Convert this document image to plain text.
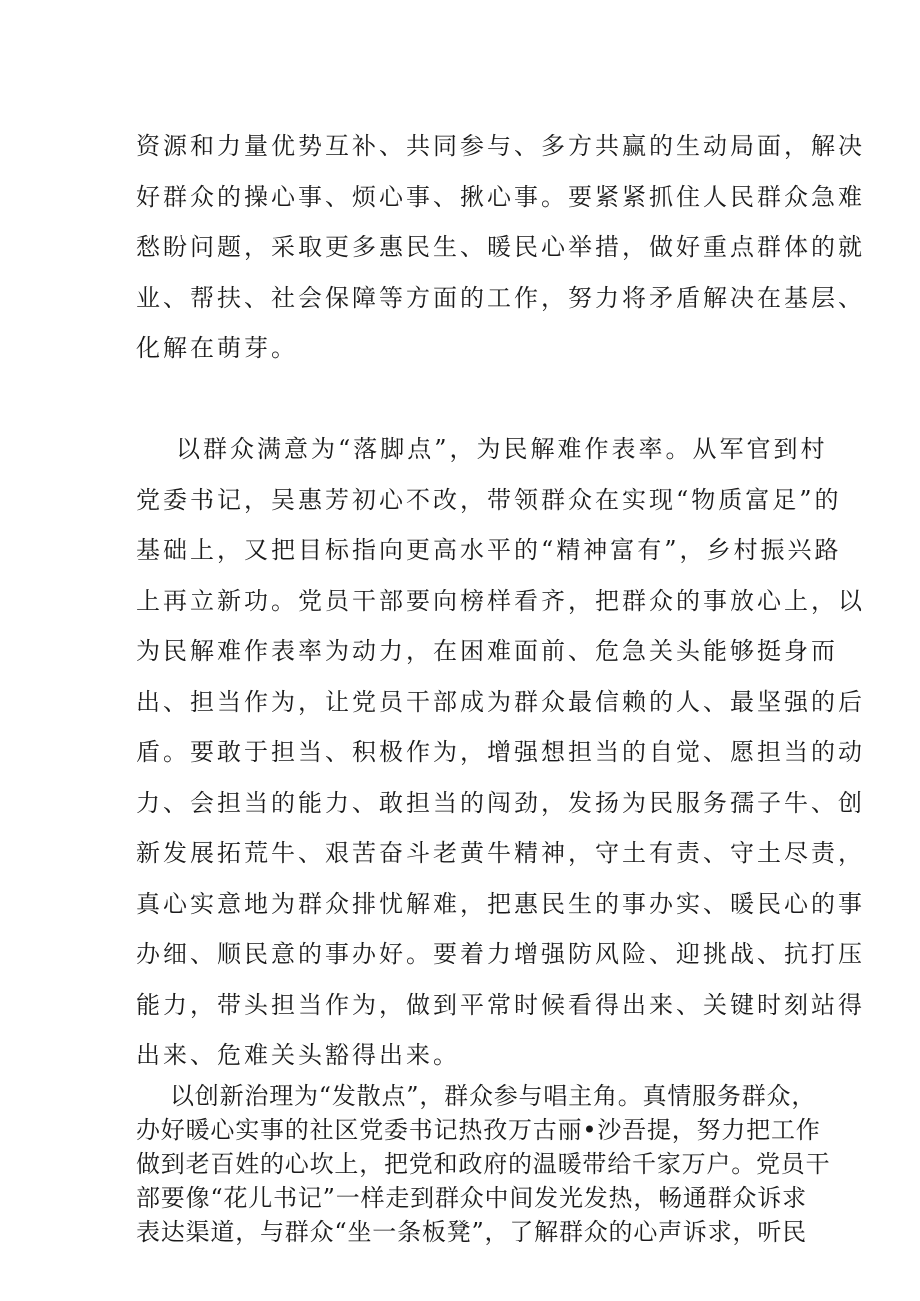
资源和力量优势互补、共同参与、多方共赢的生动局面，解决
好群众的操心事、烦心事、揪心事。要紧紧抓住人民群众急难
愁盼问题，采取更多惠民生、暖民心举措，做好重点群体的就
业、帮扶、社会保障等方面的工作，努力将矛盾解决在基层、
化解在萌芽。
以群众满意为“落脚点”，为民解难作表率。从军官到村
党委书记，吴惠芳初心不改，带领群众在实现“物质富足”的
基础上，又把目标指向更高水平的“精神富有”，乡村振兴路
上再立新功。党员干部要向榜样看齐，把群众的事放心上，以
为民解难作表率为动力，在困难面前、危急关头能够挺身而
出、担当作为，让党员干部成为群众最信赖的人、最坚强的后
盾。要敢于担当、积极作为，增强想担当的自觉、愿担当的动
力、会担当的能力、敢担当的闯劲，发扬为民服务孺子牛、创
新发展拓荒牛、艰苦奋斗老黄牛精神，守土有责、守土尽责，
真心实意地为群众排忧解难，把惠民生的事办实、暖民心的事
办细、顺民意的事办好。要着力增强防风险、迎挑战、抗打压
能力，带头担当作为，做到平常时候看得出来、关键时刻站得
出来、危难关头豁得出来。
以创新治理为“发散点”，群众参与唱主角。真情服务群众，
办好暖心实事的社区党委书记热孜万古丽•沙吾提，努力把工作
做到老百姓的心坎上，把党和政府的温暖带给千家万户。党员干
部要像“花儿书记”一样走到群众中间发光发热，畅通群众诉求
表达渠道，与群众“坐一条板凳”，了解群众的心声诉求，听民
